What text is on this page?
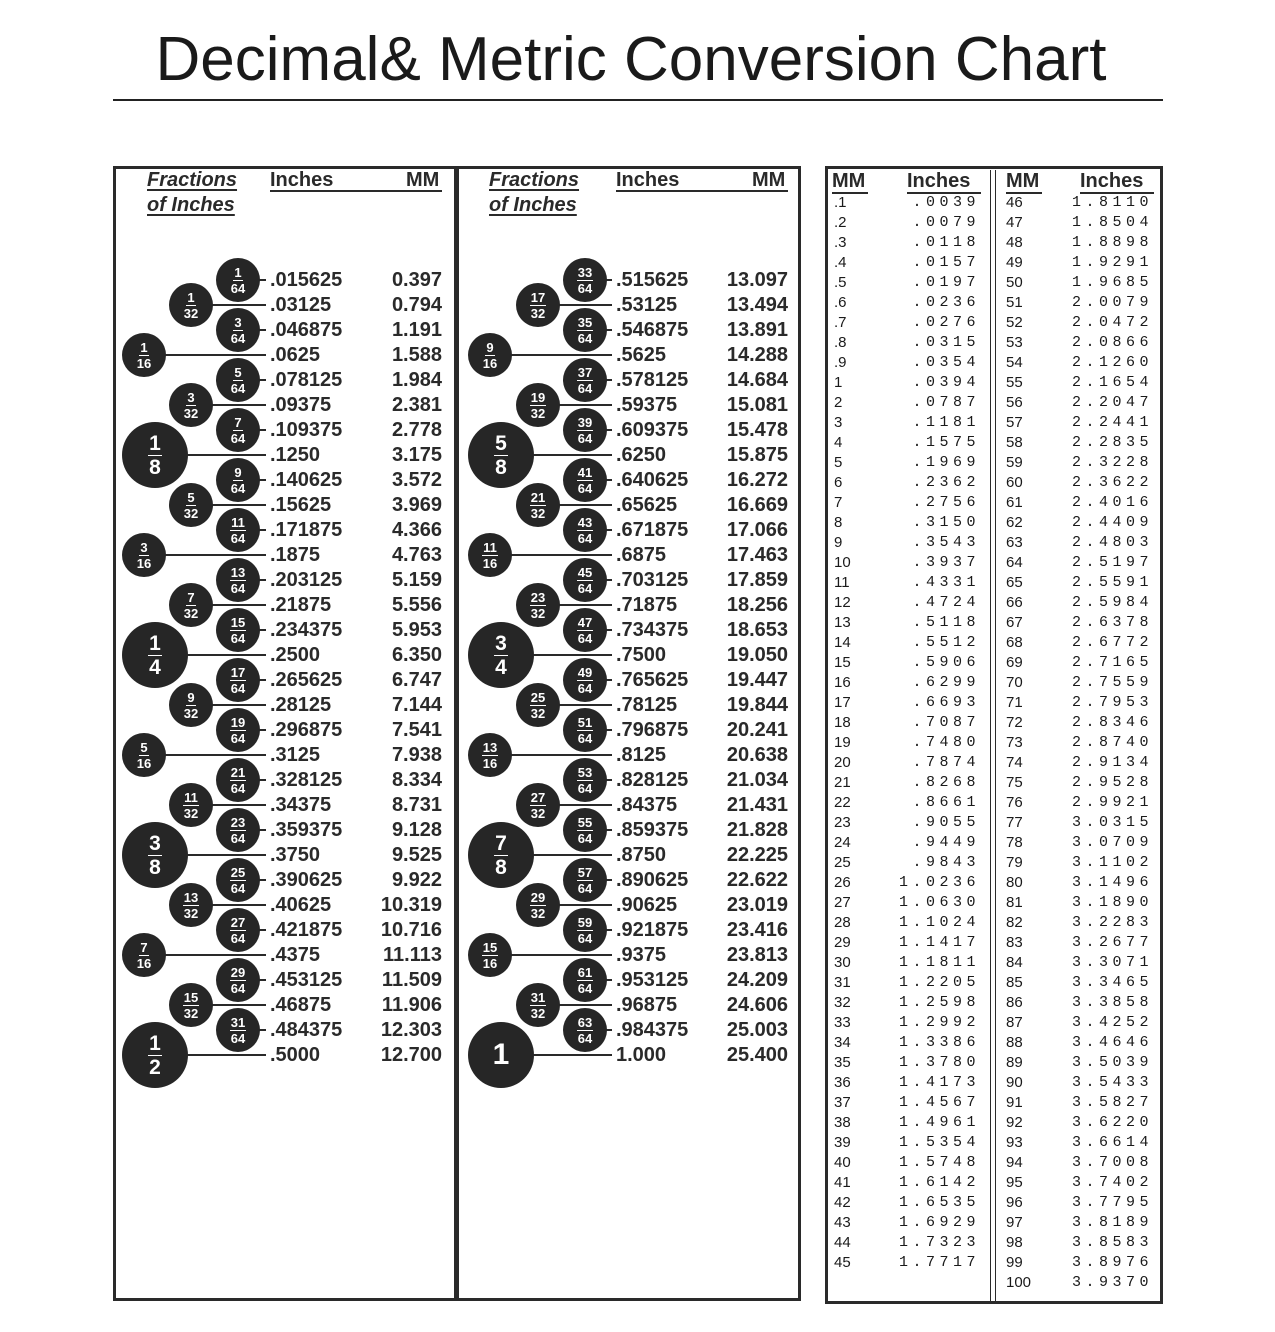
Decimal& Metric Conversion Chart
Fractions
of Inches
Inches	MM
$\frac{1}{64} .015625$	0.397
$\frac{1}{32}$	.03125	0.794
$\frac{3}{64} .046875$	1.191
$\frac{1}{16}$	.0625	1.588
$\frac{5}{64} .078125$	1.984
$\frac{3}{32}$	.09375	2.381
$\frac{7}{64} .109375$	2.778
$\frac{1}{8}$	.1250	3.175
$\frac{9}{64} .140625$	3.572
$\frac{5}{32}$	.15625	3.969
$\frac{11}{64} .171875$	4.366
$\frac{3}{16}$	.1875	4.763
$\frac{13}{64} .203125$	5.159
$\frac{7}{32}$	.21875	5.556
$\frac{15}{64} .234375$	5.953
$\frac{1}{4}$	.2500	6.350
$\frac{17}{64} .265625$	6.747
$\frac{9}{32}$	.28125	7.144
$\frac{19}{64} .296875$	7.541
$\frac{5}{16}$	.3125	7.938
$\frac{21}{64} .328125$	8.334
$\frac{11}{32}$	.34375	8.731
$\frac{23}{64} .359375$	9.128
$\frac{3}{8}$	.3750	9.525
$\frac{25}{64} .390625$	9.922
$\frac{13}{32}$	.40625	10.319
$\frac{27}{64} .421875$	10.716
$\frac{7}{16}$	.4375	11.113
$\frac{29}{64} .453125$	11.509
$\frac{15}{32}$	.46875	11.906
$\frac{31}{64} .484375$	12.303
$\frac{1}{2}$	.5000	12.700
Fractions
of Inches
Inches	MM
$\frac{33}{64} .515625$	13.097
$\frac{17}{32}$	.53125	13.494
$\frac{35}{64} .546875$	13.891
$\frac{9}{16}$	.5625	14.288
$\frac{37}{64} .578125$	14.684
$\frac{19}{32}$	.59375	15.081
$\frac{39}{64} .609375$	15.478
$\frac{5}{8}$	.6250	15.875
$\frac{41}{64} .640625$	16.272
$\frac{21}{32}$	.65625	16.669
$\frac{43}{64} .671875$	17.066
$\frac{11}{16}$	.6875	17.463
$\frac{45}{64} .703125$	17.859
$\frac{23}{32}$	.71875	18.256
$\frac{47}{64} .734375$	18.653
$\frac{3}{4}$	.7500	19.050
$\frac{49}{64} .765625$	19.447
$\frac{25}{32}$	.78125	19.844
$\frac{51}{64} .796875$	20.241
$\frac{13}{16}$	.8125	20.638
$\frac{53}{64} .828125$	21.034
$\frac{27}{32}$	.84375	21.431
$\frac{55}{64} .859375$	21.828
$\frac{7}{8}$	.8750	22.225
$\frac{57}{64} .890625$	22.622
$\frac{29}{32}$	.90625	23.019
$\frac{59}{64} .921875$	23.416
$\frac{15}{16}$	.9375	23.813
$\frac{61}{64} .953125$	24.209
$\frac{31}{32}$	.96875	24.606
$\frac{63}{64} .984375$	25.003
1	1.000	25.400
MM Inches	MM Inches
.1	.0039
.2	.0079
.3	.0118
.4	.0157
.5	.0197
.6	.0236
.7	.0276
.8	.0315
.9	.0354
1	.0394
2	.0787
3	.1181
4	.1575
5	.1969
6	.2362
7	.2756
8	.3150
9	.3543
10	.3937
11	.4331
12	.4724
13	.5118
14	.5512
15	.5906
16	.6299
17	.6693
18	.7087
19	.7480
20	.7874
21	.8268
22	.8661
23	.9055
24	.9449
25	.9843
26	1.0236
27	1.0630
28	1.1024
29	1.1417
30	1.1811
31	1.2205
32	1.2598
33	1.2992
34	1.3386
35	1.3780
36	1.4173
37	1.4567
38	1.4961
39	1.5354
40	1.5748
41	1.6142
42	1.6535
43	1.6929
44	1.7323
45	1.7717
46	1.8110
47	1.8504
48	1.8898
49	1.9291
50	1.9685
51	2.0079
52	2.0472
53	2.0866
54	2.1260
55	2.1654
56	2.2047
57	2.2441
58	2.2835
59	2.3228
60	2.3622
61	2.4016
62	2.4409
63	2.4803
64	2.5197
65	2.5591
66	2.5984
67	2.6378
68	2.6772
69	2.7165
70	2.7559
71	2.7953
72	2.8346
73	2.8740
74	2.9134
75	2.9528
76	2.9921
77	3.0315
78	3.0709
79	3.1102
80	3.1496
81	3.1890
82	3.2283
83	3.2677
84	3.3071
85	3.3465
86	3.3858
87	3.4252
88	3.4646
89	3.5039
90	3.5433
91	3.5827
92	3.6220
93	3.6614
94	3.7008
95	3.7402
96	3.7795
97	3.8189
98	3.8583
99	3.8976
100	3.9370
